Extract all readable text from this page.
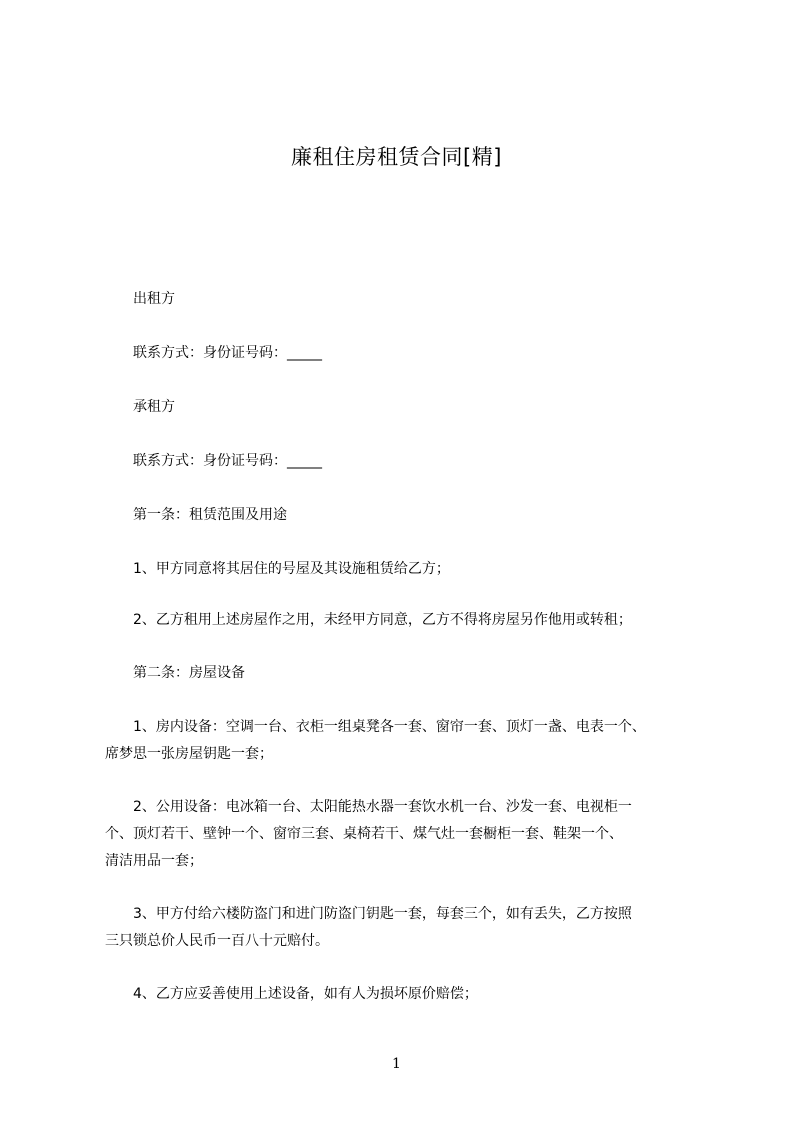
廉租住房租赁合同[精]
　　出租方
　　联系方式：身份证号码：_____
　　承租方
　　联系方式：身份证号码：_____
　　第一条：租赁范围及用途
　　1、甲方同意将其居住的号屋及其设施租赁给乙方；
　　2、乙方租用上述房屋作之用，未经甲方同意，乙方不得将房屋另作他用或转租；
　　第二条：房屋设备
　　1、房内设备：空调一台、衣柜一组桌凳各一套、窗帘一套、顶灯一盏、电表一个、
席梦思一张房屋钥匙一套；
　　2、公用设备：电冰箱一台、太阳能热水器一套饮水机一台、沙发一套、电视柜一
个、顶灯若干、壁钟一个、窗帘三套、桌椅若干、煤气灶一套橱柜一套、鞋架一个、
清洁用品一套；
　　3、甲方付给六楼防盗门和进门防盗门钥匙一套，每套三个，如有丢失，乙方按照
三只锁总价人民币一百八十元赔付。
　　4、乙方应妥善使用上述设备，如有人为损坏原价赔偿；
1
